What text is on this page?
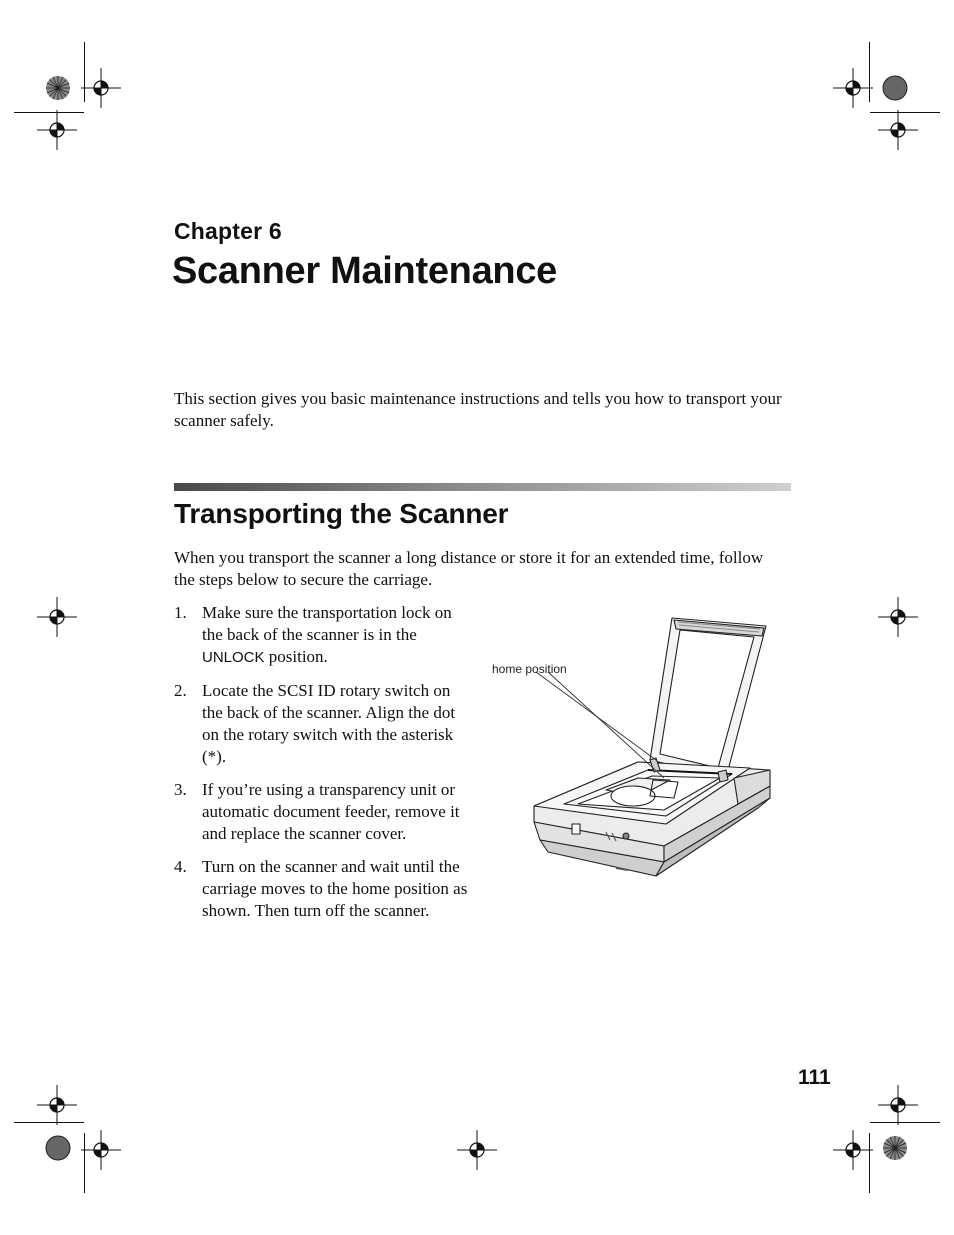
Chapter 6
Scanner Maintenance
This section gives you basic maintenance instructions and tells you how to transport your scanner safely.
Transporting the Scanner
When you transport the scanner a long distance or store it for an extended time, follow the steps below to secure the carriage.
1. Make sure the transportation lock on the back of the scanner is in the UNLOCK position.
2. Locate the SCSI ID rotary switch on the back of the scanner. Align the dot on the rotary switch with the asterisk (*).
3. If you’re using a transparency unit or automatic document feeder, remove it and replace the scanner cover.
4. Turn on the scanner and wait until the carriage moves to the home position as shown. Then turn off the scanner.
home position
111
